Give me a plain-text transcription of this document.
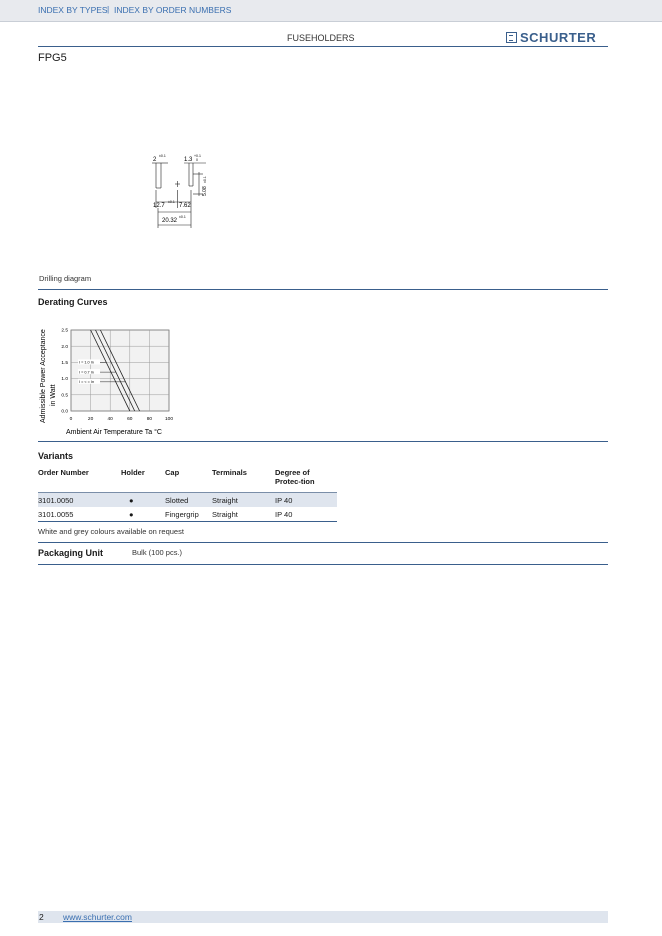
INDEX BY TYPES | INDEX BY ORDER NUMBERS
FUSEHOLDERS	SCHURTER
FPG5
2
±0.1
1.3
+0.1
0
5.08
±0.1
12.7
±0.1
7.62
20.32
±0.1
Drilling diagram
Derating Curves
Admissible Power Acceptance in Watt
0	20	40	60	80	100
0.0
0.5
1.0
1.5
2.0
2.5
I = 1.0 In
I = 0.7 In
I = < = In
Ambient Air Temperature Ta °C
Variants
Order Number	Holder	Cap	Terminals	Degree of Protec-tion
3101.0050	●	Slotted	Straight	IP 40
3101.0055	●	Fingergrip	Straight	IP 40
White and grey colours available on request
Packaging Unit	Bulk (100 pcs.)
2 www.schurter.com
